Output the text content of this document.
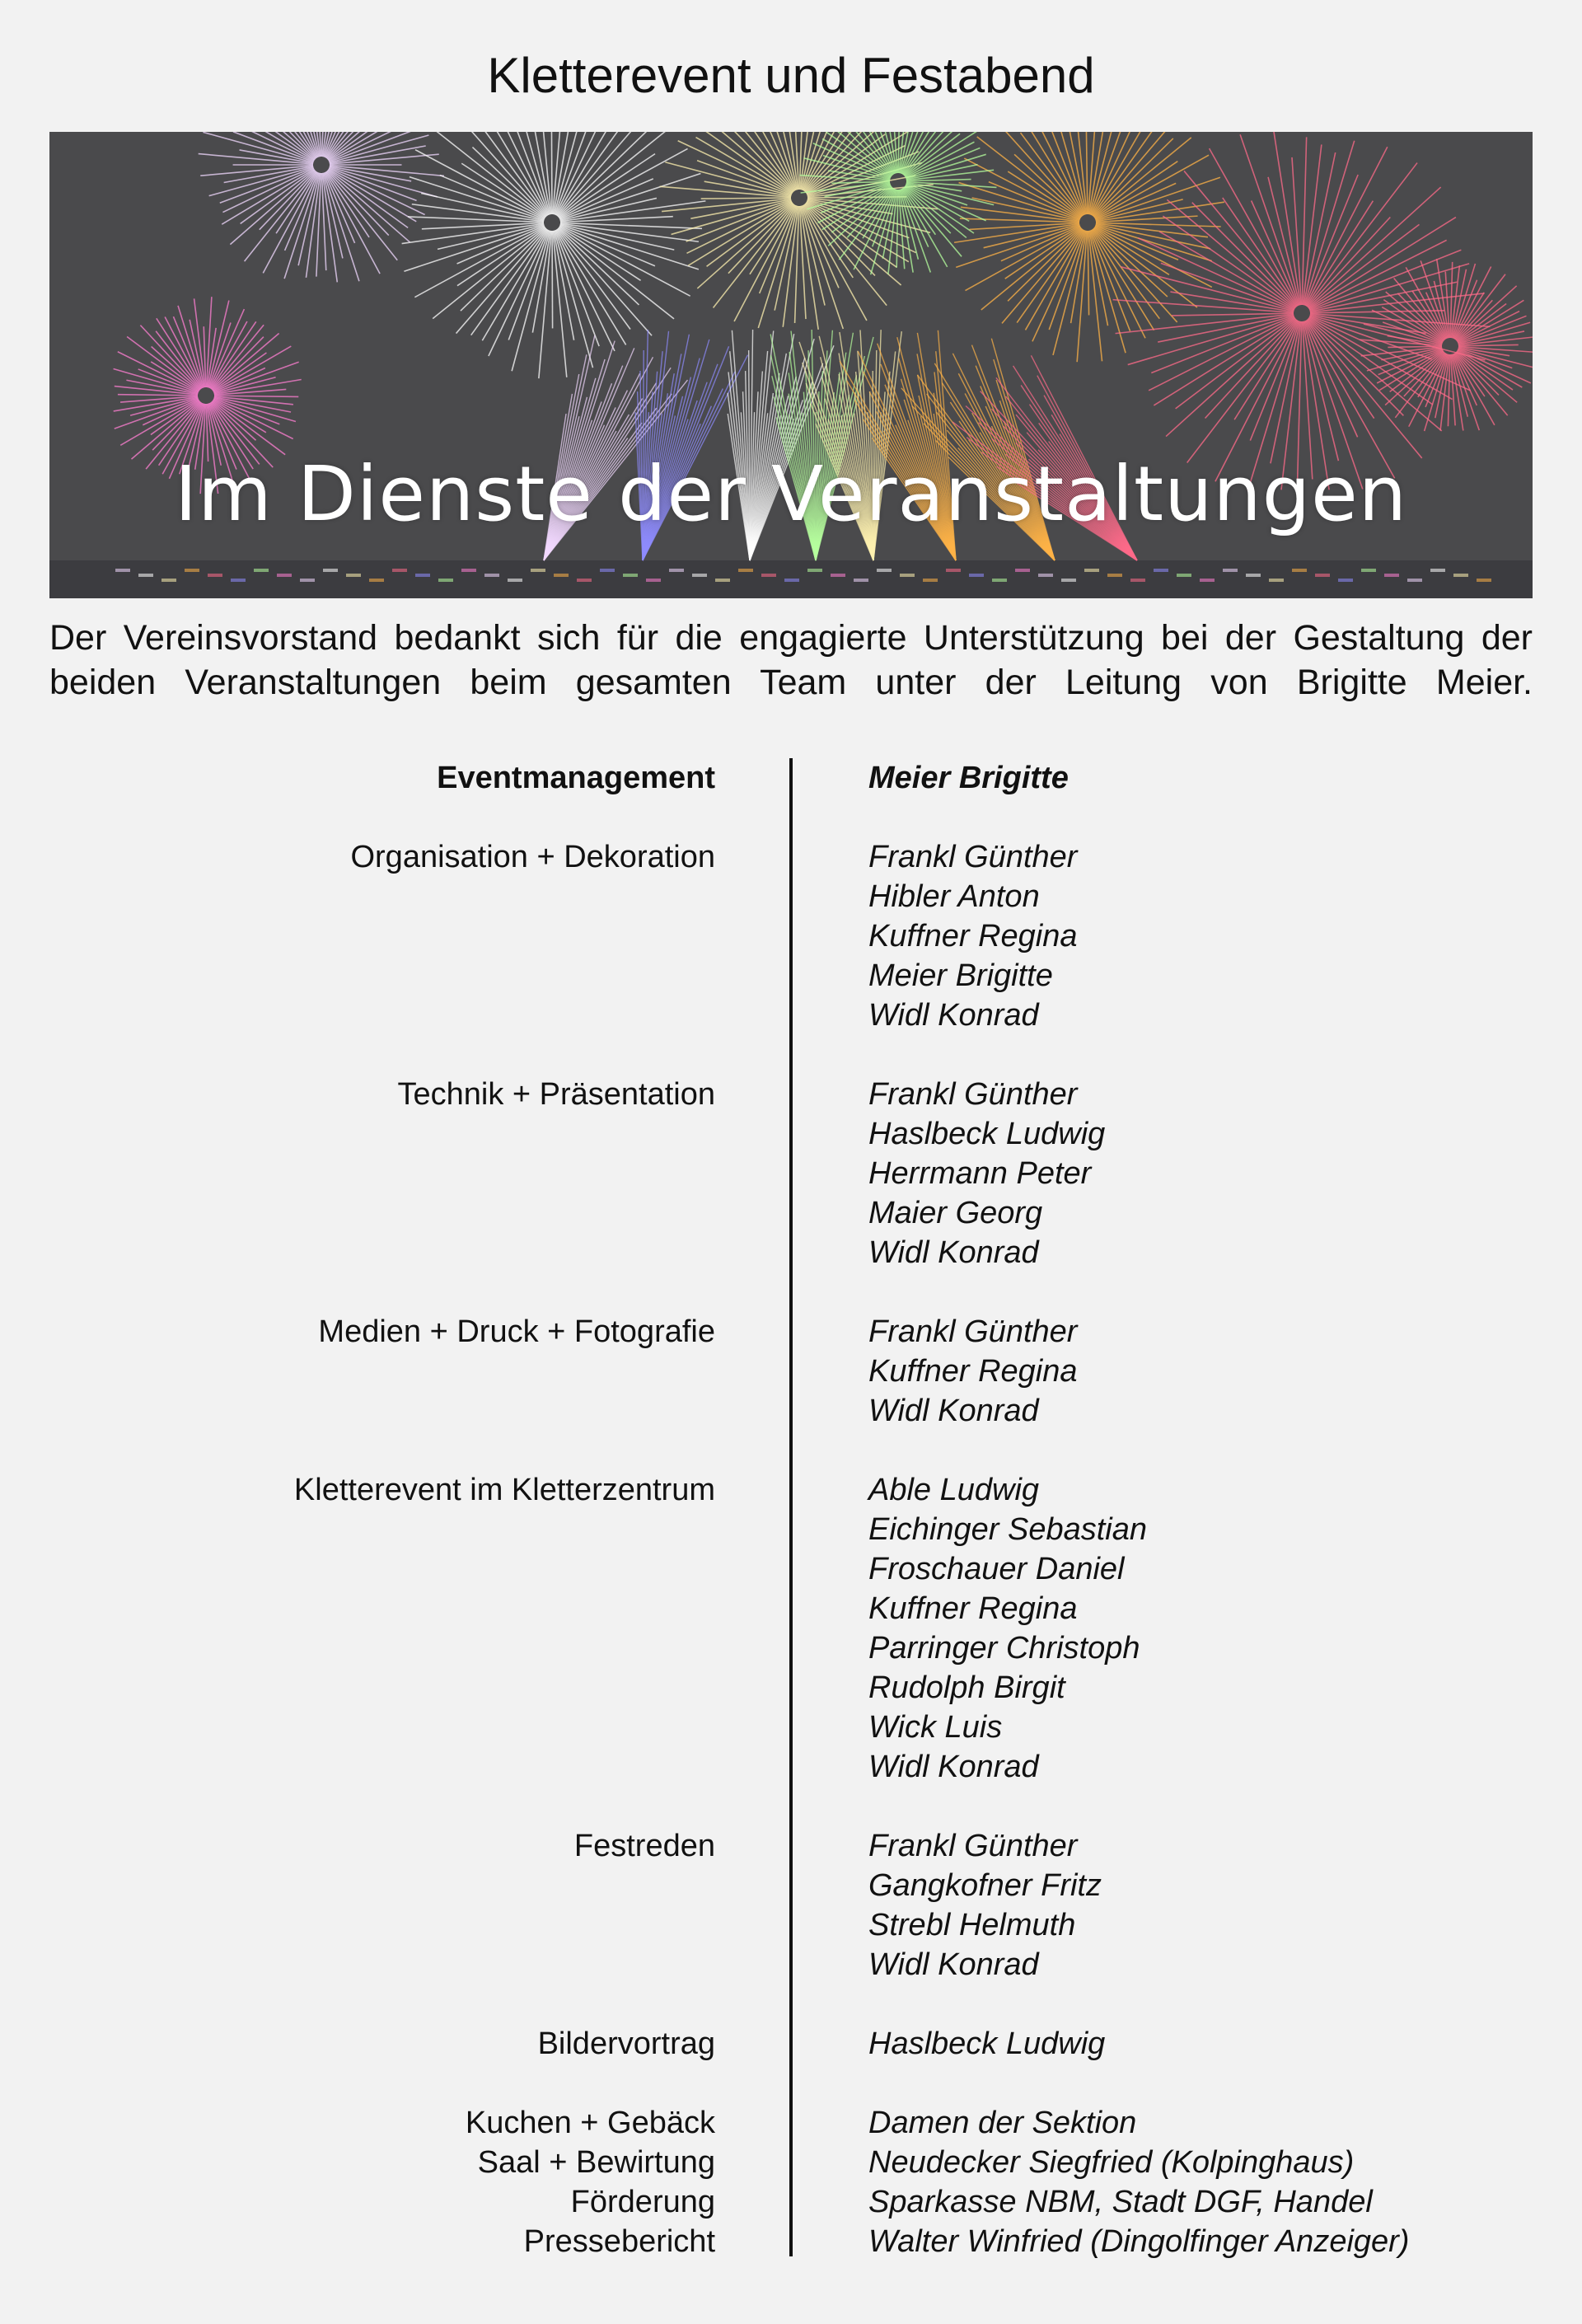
Kletterevent und Festabend
Im Dienste der Veranstaltungen

Der Vereinsvorstand bedankt sich für die engagierte Unterstützung bei der Gestaltung der beiden Veranstaltungen beim gesamten Team unter der Leitung von Brigitte Meier.

Eventmanagement	Meier Brigitte
Organisation + Dekoration	Frankl Günther
Hibler Anton
Kuffner Regina
Meier Brigitte
Widl Konrad
Technik + Präsentation	Frankl Günther
Haslbeck Ludwig
Herrmann Peter
Maier Georg
Widl Konrad
Medien + Druck + Fotografie	Frankl Günther
Kuffner Regina
Widl Konrad
Kletterevent im Kletterzentrum	Able Ludwig
Eichinger Sebastian
Froschauer Daniel
Kuffner Regina
Parringer Christoph
Rudolph Birgit
Wick Luis
Widl Konrad
Festreden	Frankl Günther
Gangkofner Fritz
Strebl Helmuth
Widl Konrad
Bildervortrag	Haslbeck Ludwig
Kuchen + Gebäck	Damen der Sektion
Saal + Bewirtung	Neudecker Siegfried (Kolpinghaus)
Förderung	Sparkasse NBM, Stadt DGF, Handel
Pressebericht	Walter Winfried (Dingolfinger Anzeiger)
